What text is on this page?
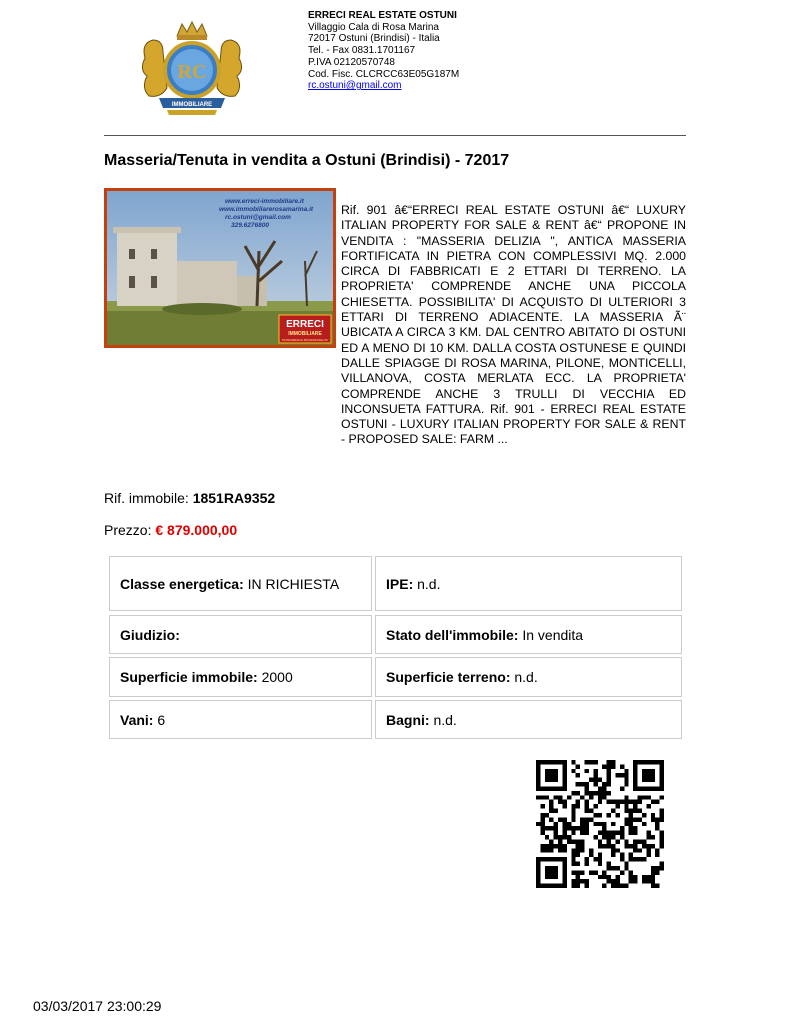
RC
IMMOBILIARE
ERRECI REAL ESTATE OSTUNI
Villaggio Cala di Rosa Marina
72017 Ostuni (Brindisi) - Italia
Tel. - Fax 0831.1701167
P.IVA 02120570748
Cod. Fisc. CLCRCC63E05G187M
rc.ostuni@gmail.com
Masseria/Tenuta in vendita a Ostuni (Brindisi) - 72017
www.erreci-immobiliare.it
www.immobiliarerosamarina.it
rc.ostuni@gmail.com
329.6276800
ERRECI
IMMOBILIARE
TRASPARENZA E PROFESSIONALITA'
Rif. 901 â€“ERRECI REAL ESTATE OSTUNI â€“ LUXURY ITALIAN PROPERTY FOR SALE & RENT â€“ PROPONE IN VENDITA : "MASSERIA DELIZIA ", ANTICA MASSERIA FORTIFICATA IN PIETRA CON COMPLESSIVI MQ. 2.000 CIRCA DI FABBRICATI E 2 ETTARI DI TERRENO. LA PROPRIETA' COMPRENDE ANCHE UNA PICCOLA CHIESETTA. POSSIBILITA' DI ACQUISTO DI ULTERIORI 3 ETTARI DI TERRENO ADIACENTE. LA MASSERIA Ã¨ UBICATA A CIRCA 3 KM. DAL CENTRO ABITATO DI OSTUNI ED A MENO DI 10 KM. DALLA COSTA OSTUNESE E QUINDI DALLE SPIAGGE DI ROSA MARINA, PILONE, MONTICELLI, VILLANOVA, COSTA MERLATA ECC. LA PROPRIETA' COMPRENDE ANCHE 3 TRULLI DI VECCHIA ED INCONSUETA FATTURA. Rif. 901 - ERRECI REAL ESTATE OSTUNI - LUXURY ITALIAN PROPERTY FOR SALE & RENT - PROPOSED SALE: FARM ...
Rif. immobile: 1851RA9352
Prezzo: € 879.000,00
Classe energetica: IN RICHIESTA	IPE: n.d.
Giudizio:	Stato dell'immobile: In vendita
Superficie immobile: 2000	Superficie terreno: n.d.
Vani: 6	Bagni: n.d.
03/03/2017 23:00:29
